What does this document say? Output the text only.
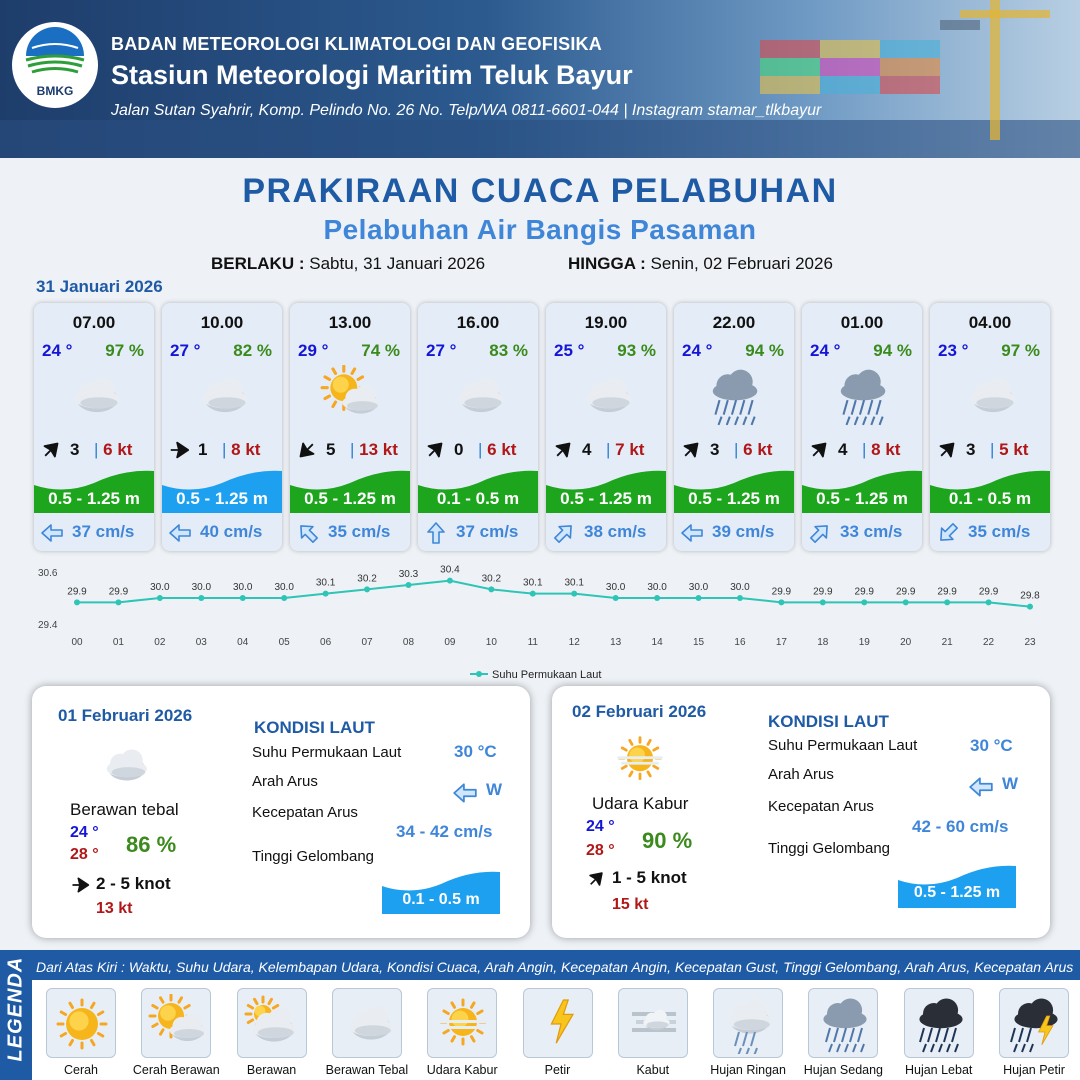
BMKG
BADAN METEOROLOGI KLIMATOLOGI DAN GEOFISIKA
Stasiun Meteorologi Maritim Teluk Bayur
Jalan Sutan Syahrir, Komp. Pelindo No. 26 No. Telp/WA 0811-6601-044 | Instagram stamar_tlkbayur
PRAKIRAAN CUACA PELABUHAN
Pelabuhan Air Bangis Pasaman
BERLAKU : Sabtu, 31 Januari 2026	HINGGA : Senin, 02 Februari 2026
31 Januari 2026
07.00
24 ° 97 %
3 | 6 kt
0.5 - 1.25 m
37 cm/s
10.00
27 ° 82 %
1 | 8 kt
0.5 - 1.25 m
40 cm/s
13.00
29 ° 74 %
5 | 13 kt
0.5 - 1.25 m
35 cm/s
16.00
27 ° 83 %
0 | 6 kt
0.1 - 0.5 m
37 cm/s
19.00
25 ° 93 %
4 | 7 kt
0.5 - 1.25 m
38 cm/s
22.00
24 ° 94 %
3 | 6 kt
0.5 - 1.25 m
39 cm/s
01.00
24 ° 94 %
4 | 8 kt
0.5 - 1.25 m
33 cm/s
04.00
23 ° 97 %
3 | 5 kt
0.1 - 0.5 m
35 cm/s
30.6
29.4
29.9 29.9 30.0 30.0 30.0 30.0 30.1 30.2 30.3 30.4
30.2 30.1 30.1 30.0 30.0 30.0 30.0 29.9 29.9 29.9 29.9 29.9 29.9 29.8
00	01	02	03	04	05	06	07	08	09	10	11	12	13	14	15	16	17	18	19	20	21	22	23
Suhu Permukaan Laut
01 Februari 2026
Berawan tebal
24 °
28 ° 86 %
2 - 5 knot
13 kt
KONDISI LAUT
Suhu Permukaan Laut	30 °C
Arah Arus	W
Kecepatan Arus
34 - 42 cm/s
Tinggi Gelombang
0.1 - 0.5 m
02 Februari 2026
Udara Kabur
24 °
28 ° 90 %
1 - 5 knot
15 kt
KONDISI LAUT
Suhu Permukaan Laut	30 °C
Arah Arus	W
Kecepatan Arus
42 - 60 cm/s
Tinggi Gelombang
0.5 - 1.25 m
LEGENDA Dari Atas Kiri : Waktu, Suhu Udara, Kelembapan Udara, Kondisi Cuaca, Arah Angin, Kecepatan Angin, Kecepatan Gust, Tinggi Gelombang, Arah Arus, Kecepatan Arus
Cerah	Cerah Berawan	Berawan	Berawan Tebal	Udara Kabur	Petir	Kabut	Hujan Ringan	Hujan Sedang	Hujan Lebat	Hujan Petir
